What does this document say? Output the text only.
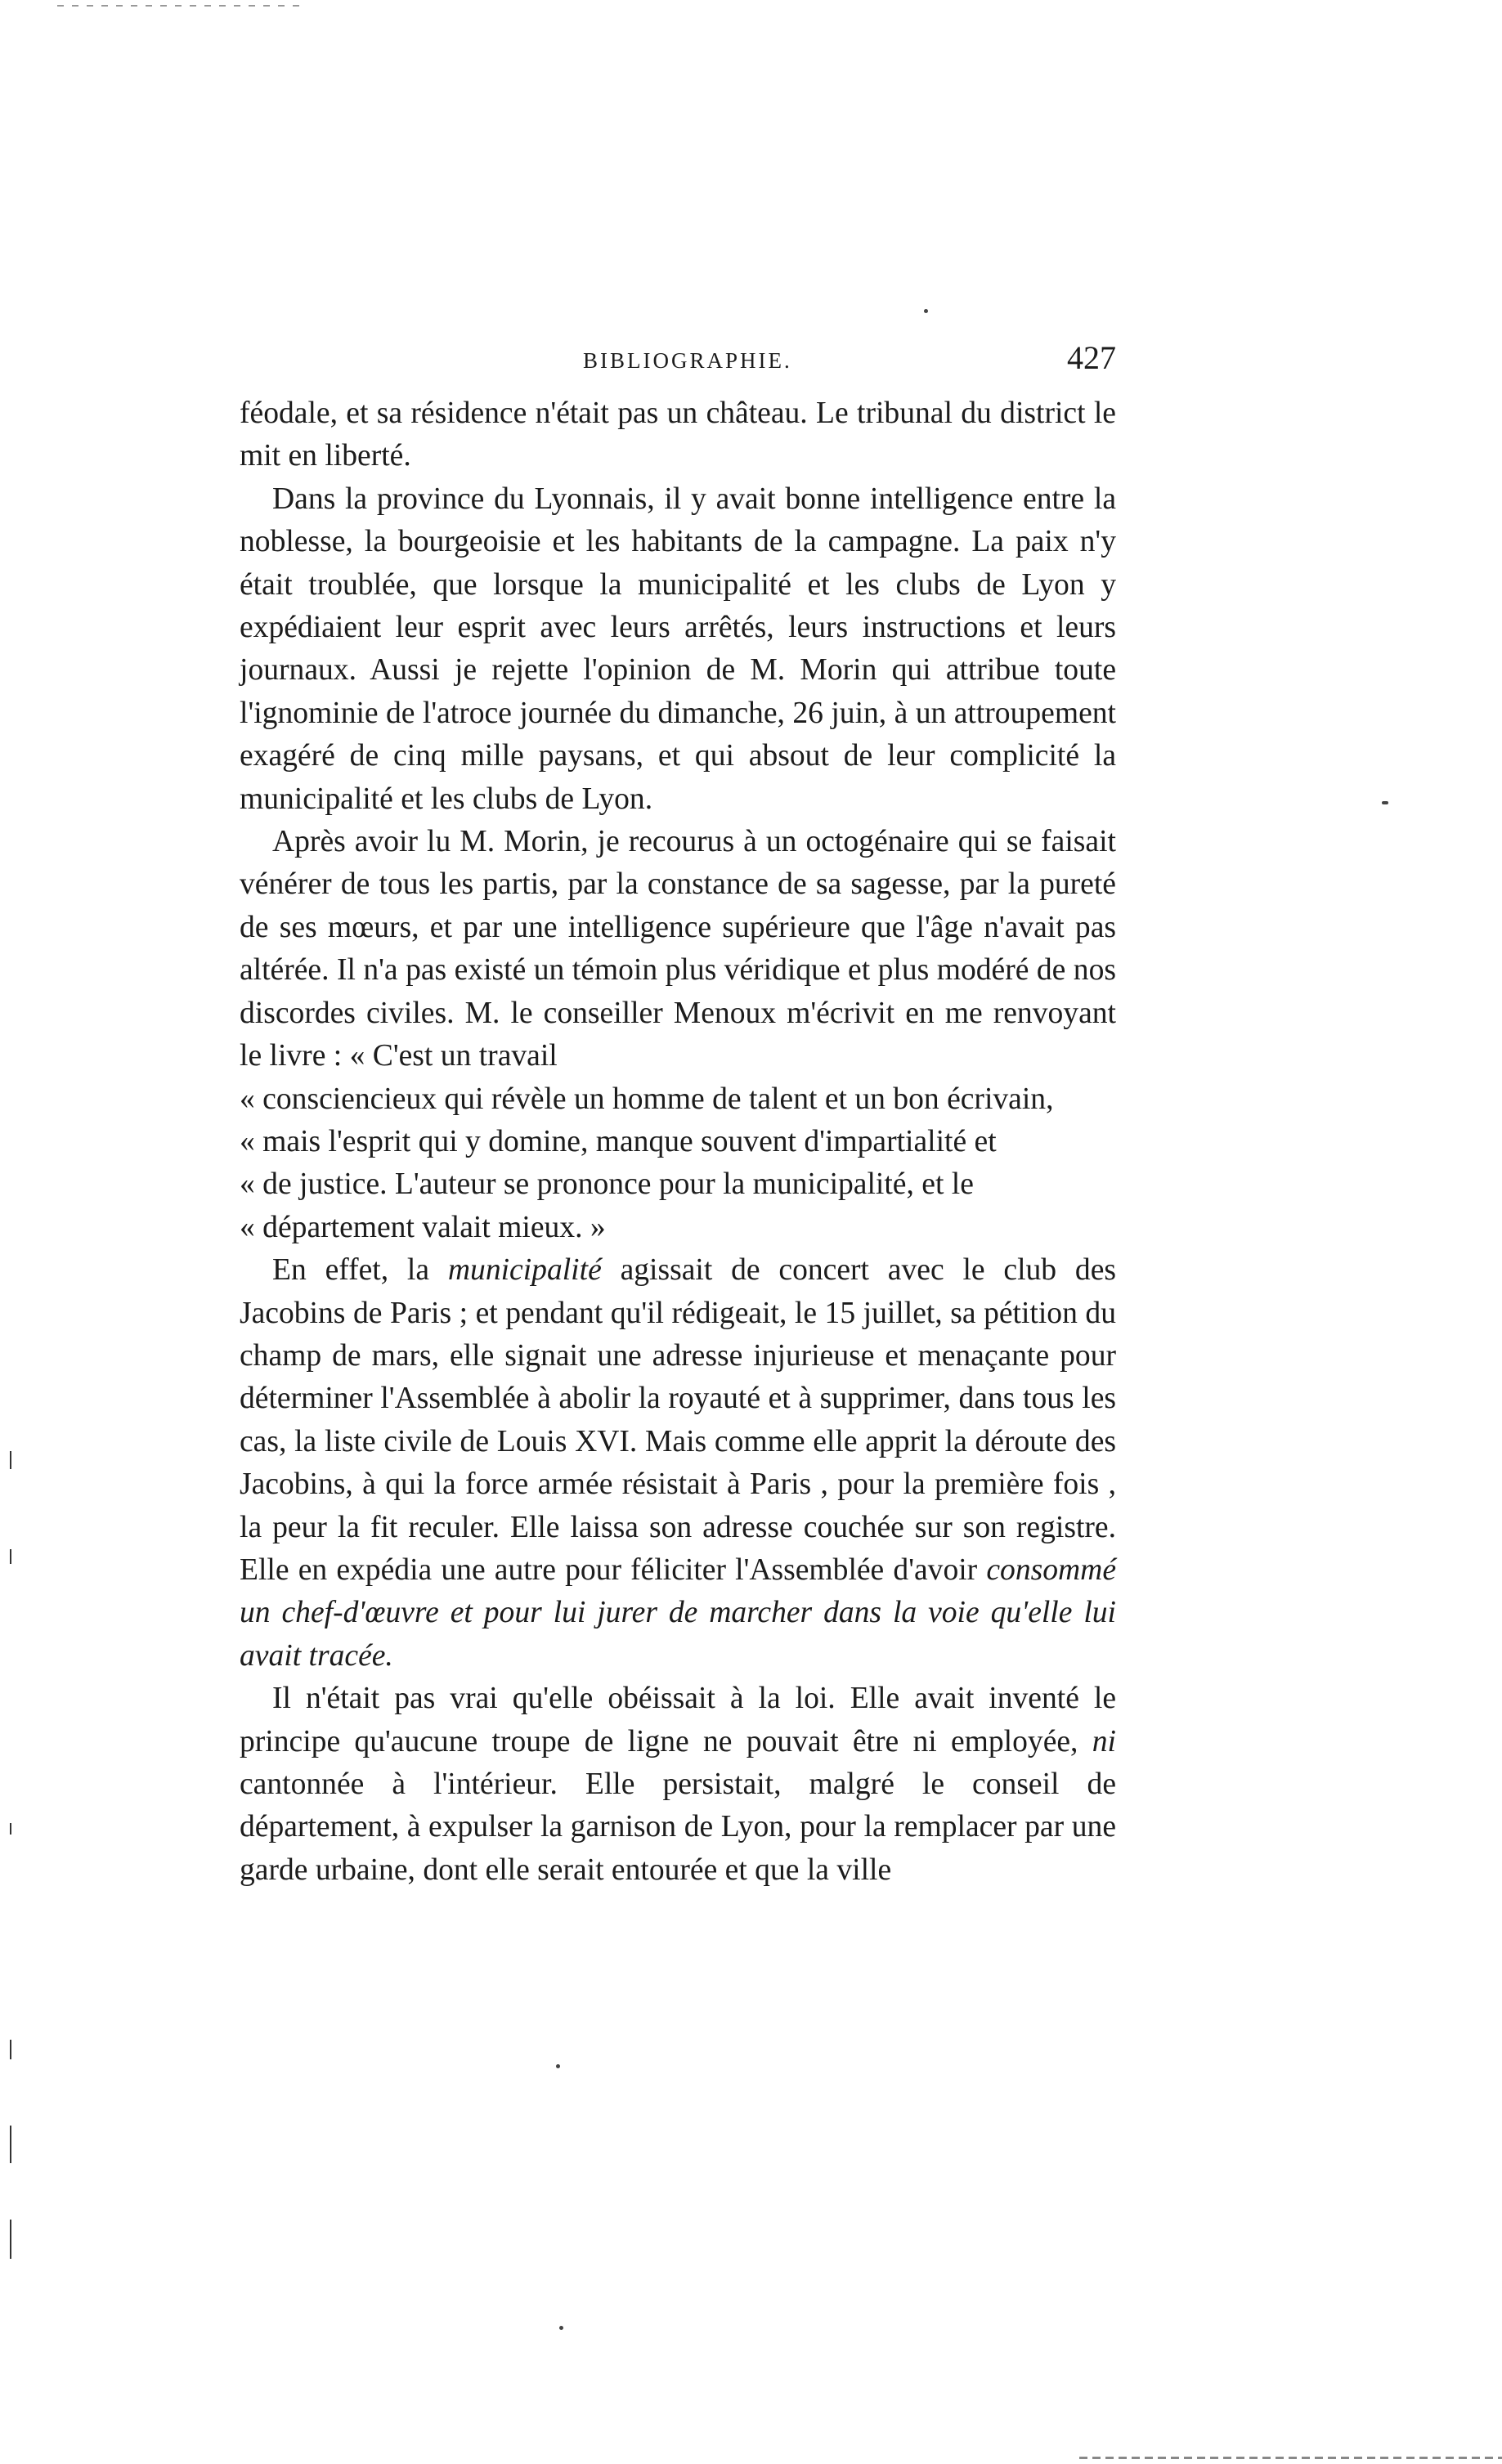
BIBLIOGRAPHIE.	427

féodale, et sa résidence n'était pas un château. Le tribunal du district le mit en liberté.

Dans la province du Lyonnais, il y avait bonne intelligence entre la noblesse, la bourgeoisie et les habitants de la campagne. La paix n'y était troublée, que lorsque la municipalité et les clubs de Lyon y expédiaient leur esprit avec leurs arrêtés, leurs instructions et leurs journaux. Aussi je rejette l'opinion de M. Morin qui attribue toute l'ignominie de l'atroce journée du dimanche, 26 juin, à un attroupement exagéré de cinq mille paysans, et qui absout de leur complicité la municipalité et les clubs de Lyon.

Après avoir lu M. Morin, je recourus à un octogénaire qui se faisait vénérer de tous les partis, par la constance de sa sagesse, par la pureté de ses mœurs, et par une intelligence supérieure que l'âge n'avait pas altérée. Il n'a pas existé un témoin plus véridique et plus modéré de nos discordes civiles. M. le conseiller Menoux m'écrivit en me renvoyant le livre : « C'est un travail

« consciencieux qui révèle un homme de talent et un bon écrivain,
« mais l'esprit qui y domine, manque souvent d'impartialité et
« de justice. L'auteur se prononce pour la municipalité, et le
« département valait mieux. »

En effet, la municipalité agissait de concert avec le club des Jacobins de Paris ; et pendant qu'il rédigeait, le 15 juillet, sa pétition du champ de mars, elle signait une adresse injurieuse et menaçante pour déterminer l'Assemblée à abolir la royauté et à supprimer, dans tous les cas, la liste civile de Louis XVI. Mais comme elle apprit la déroute des Jacobins, à qui la force armée résistait à Paris , pour la première fois , la peur la fit reculer. Elle laissa son adresse couchée sur son registre. Elle en expédia une autre pour féliciter l'Assemblée d'avoir consommé un chef-d'œuvre et pour lui jurer de marcher dans la voie qu'elle lui avait tracée.

Il n'était pas vrai qu'elle obéissait à la loi. Elle avait inventé le principe qu'aucune troupe de ligne ne pouvait être ni employée, ni cantonnée à l'intérieur. Elle persistait, malgré le conseil de département, à expulser la garnison de Lyon, pour la remplacer par une garde urbaine, dont elle serait entourée et que la ville
